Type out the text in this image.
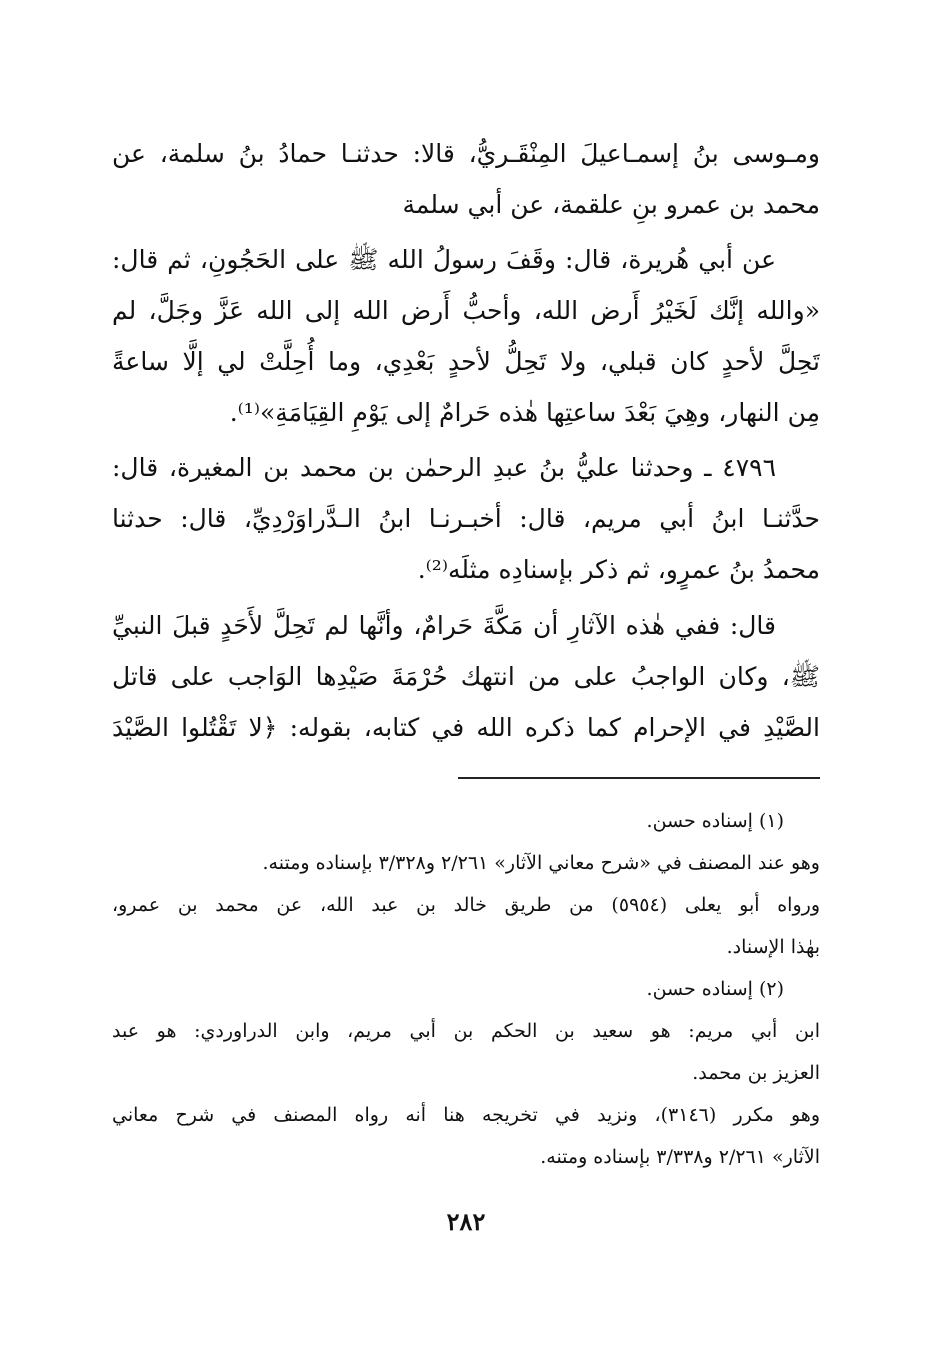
ومـوسى بنُ إسمـاعيلَ المِنْقَـريُّ، قالا: حدثنـا حمادُ بنُ سلمة، عن
محمد بن عمرو بنِ علقمة، عن أبي سلمة
عن أبي هُريرة، قال: وقَفَ رسولُ الله ﷺ على الحَجُونِ، ثم قال:
«والله إنَّك لَخَيْرُ أَرض الله، وأحبُّ أَرض الله إلى الله عَزَّ وجَلَّ، لم
تَحِلَّ لأحدٍ كان قبلي، ولا تَحِلُّ لأحدٍ بَعْدِي، وما أُحِلَّتْ لي إلَّا ساعةً
مِن النهار، وهِيَ بَعْدَ ساعتِها هٰذه حَرامٌ إلى يَوْمِ القِيَامَةِ»⁽¹⁾.
٤٧٩٦ ـ وحدثنا عليُّ بنُ عبدِ الرحمٰن بن محمد بن المغيرة، قال:
حدَّثنـا ابنُ أبي مريم، قال: أخبـرنـا ابنُ الـدَّراوَرْدِيِّ، قال: حدثنا
محمدُ بنُ عمرٍو، ثم ذكر بإسنادِه مثلَه⁽²⁾.
قال: ففي هٰذه الآثارِ أن مَكَّةَ حَرامٌ، وأنَّها لم تَحِلَّ لأَحَدٍ قبلَ النبيِّ
ﷺ، وكان الواجبُ على من انتهك حُرْمَةَ صَيْدِها الوَاجب على قاتل
الصَّيْدِ في الإحرام كما ذكره الله في كتابه، بقوله: ﴿لا تَقْتُلوا الصَّيْدَ
(١) إسناده حسن.
وهو عند المصنف في «شرح معاني الآثار» ٢/٢٦١ و٣/٣٢٨ بإسناده ومتنه.
ورواه أبو يعلى (٥٩٥٤) من طريق خالد بن عبد الله، عن محمد بن عمرو،
بهٰذا الإسناد.
(٢) إسناده حسن.
ابن أبي مريم: هو سعيد بن الحكم بن أبي مريم، وابن الدراوردي: هو عبد
العزيز بن محمد.
وهو مكرر (٣١٤٦)، ونزيد في تخريجه هنا أنه رواه المصنف في شرح معاني
الآثار» ٢/٢٦١ و٣/٣٣٨ بإسناده ومتنه.
٢٨٢
